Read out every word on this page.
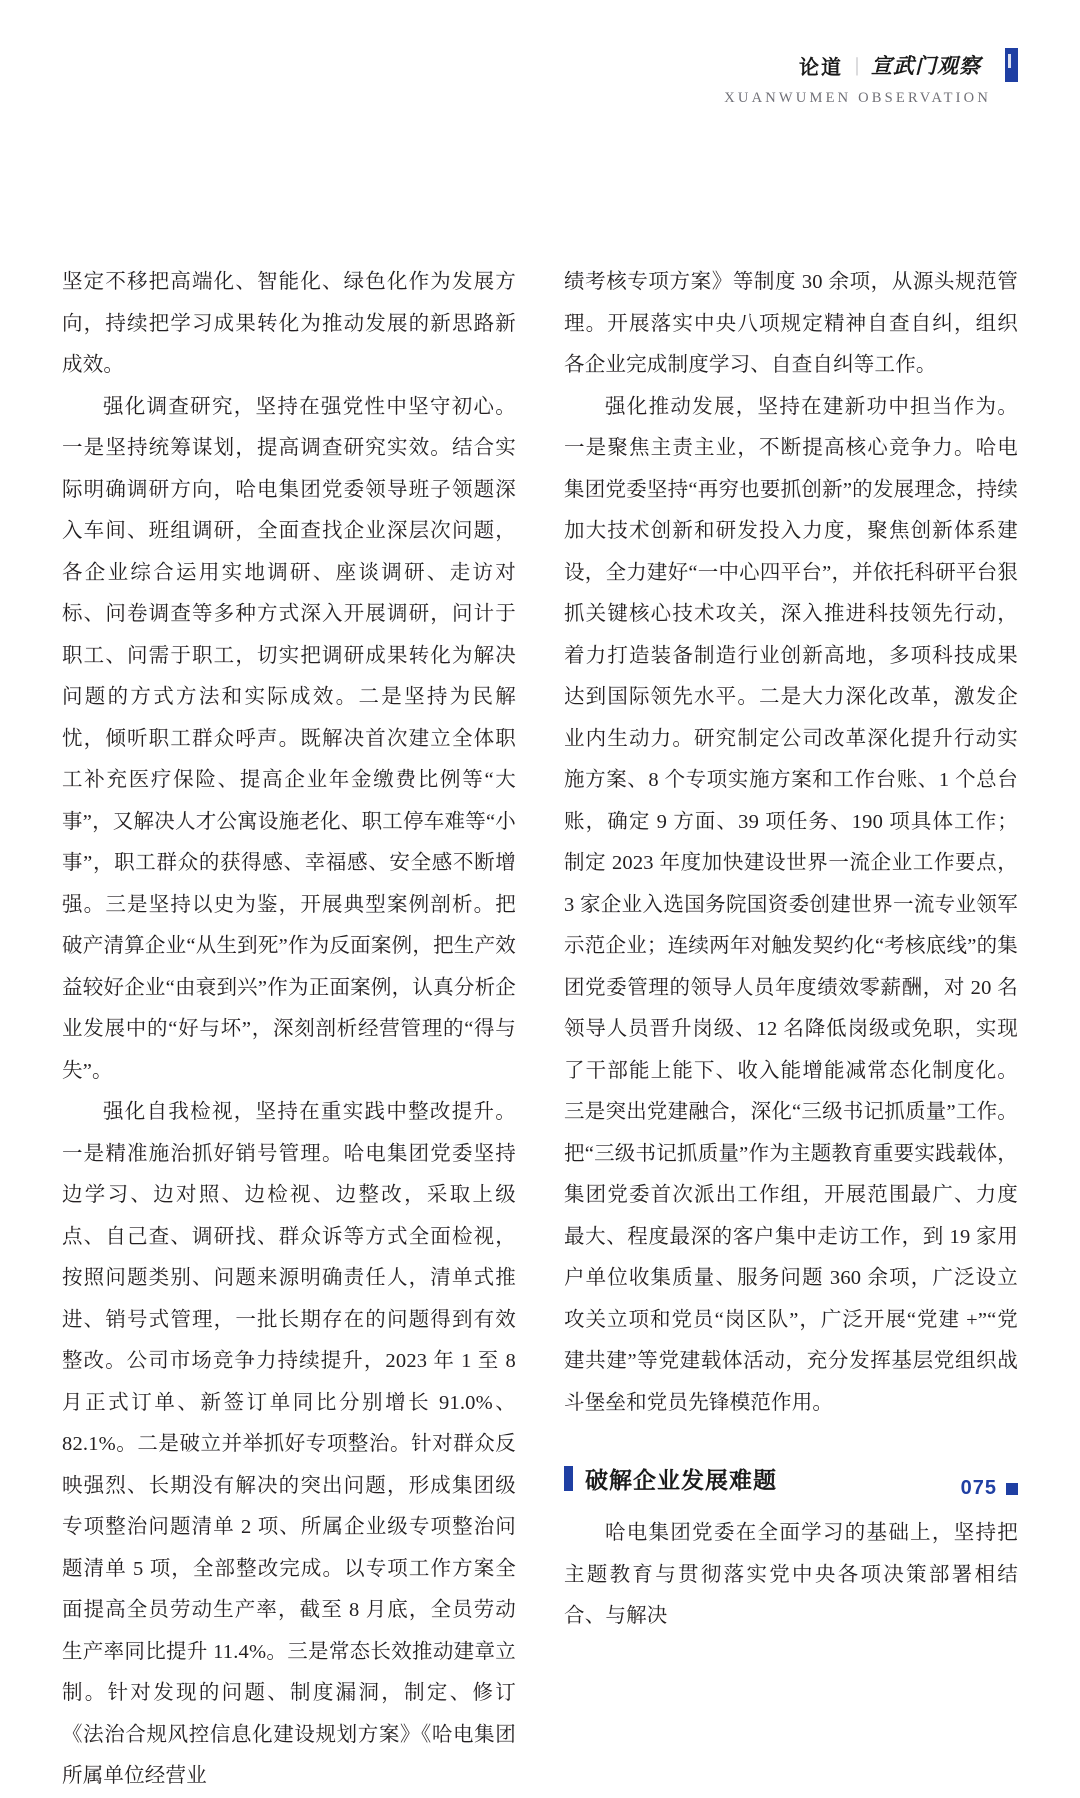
论道 | 宣武门观察
XUANWUMEN OBSERVATION

坚定不移把高端化、智能化、绿色化作为发展方向，持续把学习成果转化为推动发展的新思路新成效。

强化调查研究，坚持在强党性中坚守初心。一是坚持统筹谋划，提高调查研究实效。结合实际明确调研方向，哈电集团党委领导班子领题深入车间、班组调研，全面查找企业深层次问题，各企业综合运用实地调研、座谈调研、走访对标、问卷调查等多种方式深入开展调研，问计于职工、问需于职工，切实把调研成果转化为解决问题的方式方法和实际成效。二是坚持为民解忧，倾听职工群众呼声。既解决首次建立全体职工补充医疗保险、提高企业年金缴费比例等“大事”，又解决人才公寓设施老化、职工停车难等“小事”，职工群众的获得感、幸福感、安全感不断增强。三是坚持以史为鉴，开展典型案例剖析。把破产清算企业“从生到死”作为反面案例，把生产效益较好企业“由衰到兴”作为正面案例，认真分析企业发展中的“好与坏”，深刻剖析经营管理的“得与失”。

强化自我检视，坚持在重实践中整改提升。一是精准施治抓好销号管理。哈电集团党委坚持边学习、边对照、边检视、边整改，采取上级点、自己查、调研找、群众诉等方式全面检视，按照问题类别、问题来源明确责任人，清单式推进、销号式管理，一批长期存在的问题得到有效整改。公司市场竞争力持续提升，2023 年 1 至 8 月正式订单、新签订单同比分别增长 91.0%、82.1%。二是破立并举抓好专项整治。针对群众反映强烈、长期没有解决的突出问题，形成集团级专项整治问题清单 2 项、所属企业级专项整治问题清单 5 项，全部整改完成。以专项工作方案全面提高全员劳动生产率，截至 8 月底，全员劳动生产率同比提升 11.4%。三是常态长效推动建章立制。针对发现的问题、制度漏洞，制定、修订《法治合规风控信息化建设规划方案》《哈电集团所属单位经营业

绩考核专项方案》等制度 30 余项，从源头规范管理。开展落实中央八项规定精神自查自纠，组织各企业完成制度学习、自查自纠等工作。

强化推动发展，坚持在建新功中担当作为。一是聚焦主责主业，不断提高核心竞争力。哈电集团党委坚持“再穷也要抓创新”的发展理念，持续加大技术创新和研发投入力度，聚焦创新体系建设，全力建好“一中心四平台”，并依托科研平台狠抓关键核心技术攻关，深入推进科技领先行动，着力打造装备制造行业创新高地，多项科技成果达到国际领先水平。二是大力深化改革，激发企业内生动力。研究制定公司改革深化提升行动实施方案、8 个专项实施方案和工作台账、1 个总台账，确定 9 方面、39 项任务、190 项具体工作；制定 2023 年度加快建设世界一流企业工作要点，3 家企业入选国务院国资委创建世界一流专业领军示范企业；连续两年对触发契约化“考核底线”的集团党委管理的领导人员年度绩效零薪酬，对 20 名领导人员晋升岗级、12 名降低岗级或免职，实现了干部能上能下、收入能增能减常态化制度化。三是突出党建融合，深化“三级书记抓质量”工作。把“三级书记抓质量”作为主题教育重要实践载体，集团党委首次派出工作组，开展范围最广、力度最大、程度最深的客户集中走访工作，到 19 家用户单位收集质量、服务问题 360 余项，广泛设立攻关立项和党员“岗区队”，广泛开展“党建 +”“党建共建”等党建载体活动，充分发挥基层党组织战斗堡垒和党员先锋模范作用。

破解企业发展难题

哈电集团党委在全面学习的基础上，坚持把主题教育与贯彻落实党中央各项决策部署相结合、与解决

075
